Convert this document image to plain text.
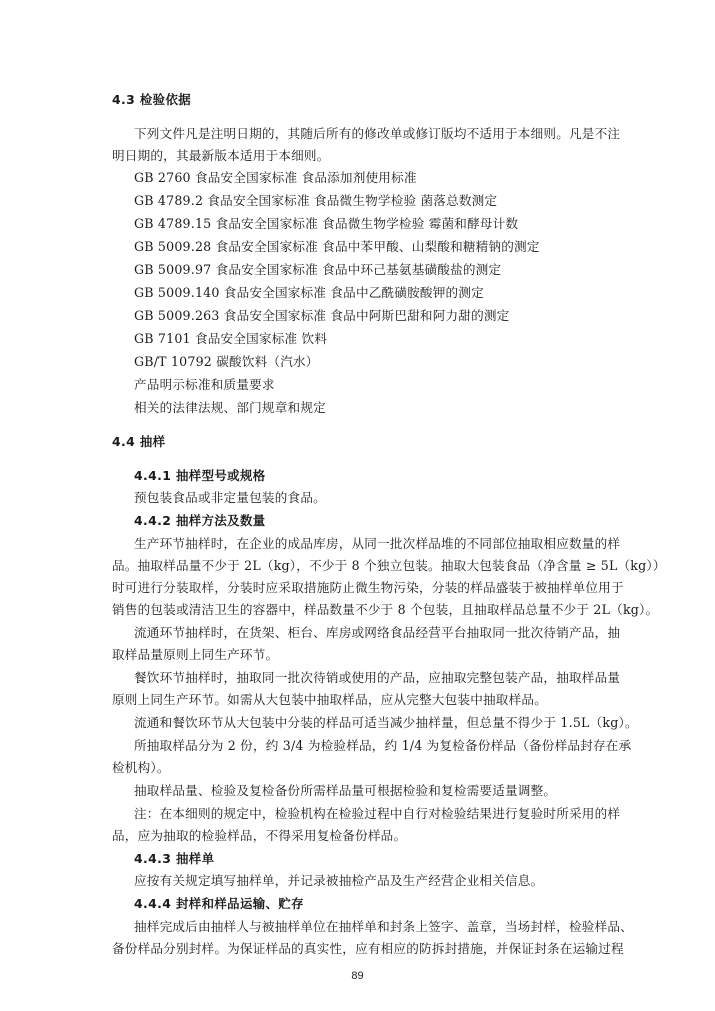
4.3 检验依据
下列文件凡是注明日期的，其随后所有的修改单或修订版均不适用于本细则。凡是不注
明日期的，其最新版本适用于本细则。
GB 2760 食品安全国家标准 食品添加剂使用标准
GB 4789.2 食品安全国家标准 食品微生物学检验 菌落总数测定
GB 4789.15 食品安全国家标准 食品微生物学检验 霉菌和酵母计数
GB 5009.28 食品安全国家标准 食品中苯甲酸、山梨酸和糖精钠的测定
GB 5009.97 食品安全国家标准 食品中环己基氨基磺酸盐的测定
GB 5009.140 食品安全国家标准 食品中乙酰磺胺酸钾的测定
GB 5009.263 食品安全国家标准 食品中阿斯巴甜和阿力甜的测定
GB 7101 食品安全国家标准 饮料
GB/T 10792 碳酸饮料（汽水）
产品明示标准和质量要求
相关的法律法规、部门规章和规定
4.4 抽样
4.4.1 抽样型号或规格
预包装食品或非定量包装的食品。
4.4.2 抽样方法及数量
生产环节抽样时，在企业的成品库房，从同一批次样品堆的不同部位抽取相应数量的样
品。抽取样品量不少于 2L（kg），不少于 8 个独立包装。抽取大包装食品（净含量 ≥ 5L（kg））
时可进行分装取样，分装时应采取措施防止微生物污染，分装的样品盛装于被抽样单位用于
销售的包装或清洁卫生的容器中，样品数量不少于 8 个包装，且抽取样品总量不少于 2L（kg）。
流通环节抽样时，在货架、柜台、库房或网络食品经营平台抽取同一批次待销产品，抽
取样品量原则上同生产环节。
餐饮环节抽样时，抽取同一批次待销或使用的产品，应抽取完整包装产品，抽取样品量
原则上同生产环节。如需从大包装中抽取样品，应从完整大包装中抽取样品。
流通和餐饮环节从大包装中分装的样品可适当减少抽样量，但总量不得少于 1.5L（kg）。
所抽取样品分为 2 份，约 3/4 为检验样品，约 1/4 为复检备份样品（备份样品封存在承
检机构）。
抽取样品量、检验及复检备份所需样品量可根据检验和复检需要适量调整。
注：在本细则的规定中，检验机构在检验过程中自行对检验结果进行复验时所采用的样
品，应为抽取的检验样品，不得采用复检备份样品。
4.4.3 抽样单
应按有关规定填写抽样单，并记录被抽检产品及生产经营企业相关信息。
4.4.4 封样和样品运输、贮存
抽样完成后由抽样人与被抽样单位在抽样单和封条上签字、盖章，当场封样，检验样品、
备份样品分别封样。为保证样品的真实性，应有相应的防拆封措施，并保证封条在运输过程
89
